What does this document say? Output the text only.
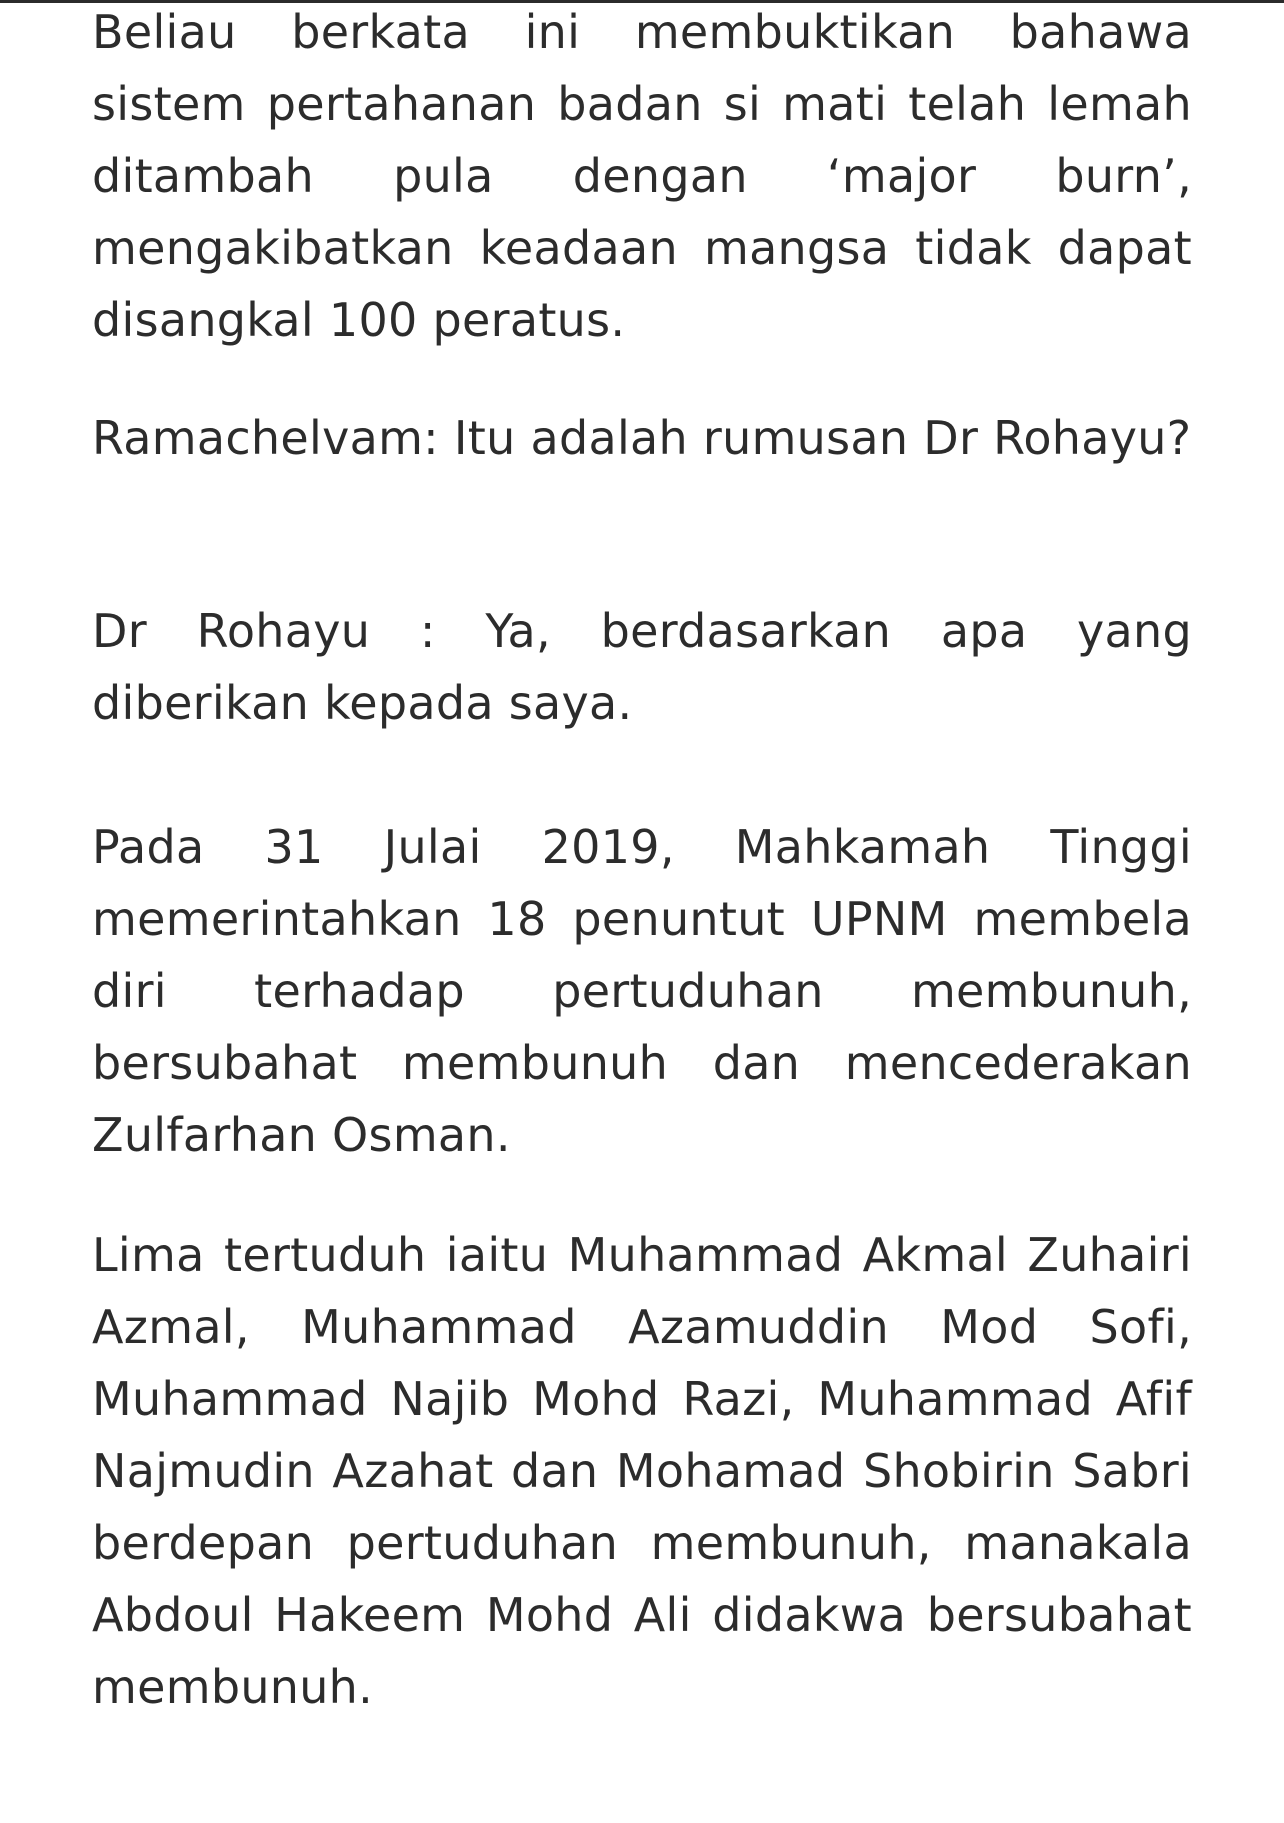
Beliau berkata ini membuktikan bahawa sistem pertahanan badan si mati telah lemah ditambah pula dengan ‘major burn’, mengakibatkan keadaan mangsa tidak dapat disangkal 100 peratus.

Ramachelvam: Itu adalah rumusan Dr Rohayu?

Dr Rohayu : Ya, berdasarkan apa yang diberikan kepada saya.

Pada 31 Julai 2019, Mahkamah Tinggi memerintahkan 18 penuntut UPNM membela diri terhadap pertuduhan membunuh, bersubahat membunuh dan mencederakan Zulfarhan Osman.

Lima tertuduh iaitu Muhammad Akmal Zuhairi Azmal, Muhammad Azamuddin Mod Sofi, Muhammad Najib Mohd Razi, Muhammad Afif Najmudin Azahat dan Mohamad Shobirin Sabri berdepan pertuduhan membunuh, manakala Abdoul Hakeem Mohd Ali didakwa bersubahat membunuh.
